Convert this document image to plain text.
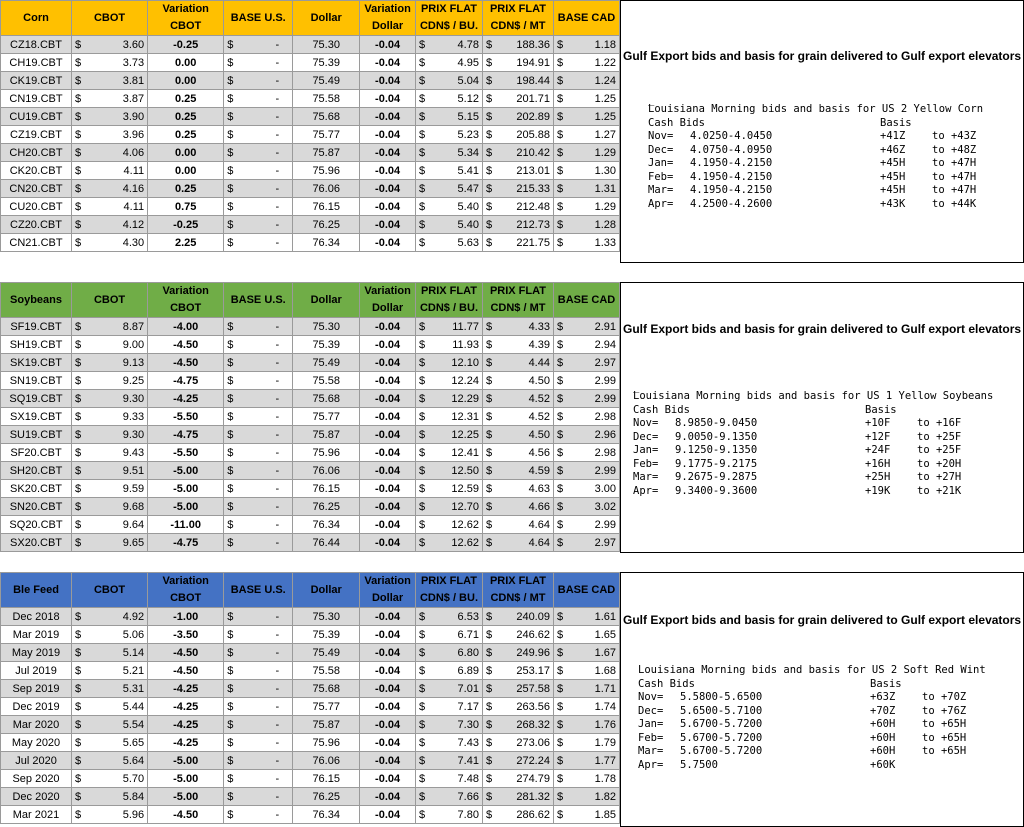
Corn	CBOT	Variation CBOT	BASE U.S.	Dollar	Variation Dollar	PRIX FLAT CDN$ / BU.	PRIX FLAT CDN$ / MT	BASE CAD
CZ18.CBT	$ 3.60	-0.25	$ -	75.30	-0.04	$ 4.78	$ 188.36	$ 1.18

CH19.CBT	$ 3.73	0.00	$ -	75.39	-0.04	$ 4.95	$ 194.91	$ 1.22

CK19.CBT	$ 3.81	0.00	$ -	75.49	-0.04	$ 5.04	$ 198.44	$ 1.24

CN19.CBT	$ 3.87	0.25	$ -	75.58	-0.04	$ 5.12	$ 201.71	$ 1.25

CU19.CBT	$ 3.90	0.25	$ -	75.68	-0.04	$ 5.15	$ 202.89	$ 1.25

CZ19.CBT	$ 3.96	0.25	$ -	75.77	-0.04	$ 5.23	$ 205.88	$ 1.27

CH20.CBT	$ 4.06	0.00	$ -	75.87	-0.04	$ 5.34	$ 210.42	$ 1.29

CK20.CBT	$ 4.11	0.00	$ -	75.96	-0.04	$ 5.41	$ 213.01	$ 1.30

CN20.CBT	$ 4.16	0.25	$ -	76.06	-0.04	$ 5.47	$ 215.33	$ 1.31

CU20.CBT	$ 4.11	0.75	$ -	76.15	-0.04	$ 5.40	$ 212.48	$ 1.29

CZ20.CBT	$ 4.12	-0.25	$ -	76.25	-0.04	$ 5.40	$ 212.73	$ 1.28

CN21.CBT	$ 4.30	2.25	$ -	76.34	-0.04	$ 5.63	$ 221.75	$ 1.33
Gulf Export bids and basis for grain delivered to Gulf export elevators
_
Louisiana Morning bids and basis for US 2 Yellow Corn
Cash Bids	Basis
Nov=	4.0250-4.0450	+41Z	to +43Z
Dec=	4.0750-4.0950	+46Z	to +48Z
Jan=	4.1950-4.2150	+45H	to +47H
Feb=	4.1950-4.2150	+45H	to +47H
Mar=	4.1950-4.2150	+45H	to +47H
Apr=	4.2500-4.2600	+43K	to +44K
Soybeans	CBOT	Variation CBOT	BASE U.S.	Dollar	Variation Dollar	PRIX FLAT CDN$ / BU.	PRIX FLAT CDN$ / MT	BASE CAD
SF19.CBT	$ 8.87	-4.00	$ -	75.30	-0.04	$ 11.77	$ 4.33	$ 2.91

SH19.CBT	$ 9.00	-4.50	$ -	75.39	-0.04	$ 11.93	$ 4.39	$ 2.94

SK19.CBT	$ 9.13	-4.50	$ -	75.49	-0.04	$ 12.10	$ 4.44	$ 2.97

SN19.CBT	$ 9.25	-4.75	$ -	75.58	-0.04	$ 12.24	$ 4.50	$ 2.99

SQ19.CBT	$ 9.30	-4.25	$ -	75.68	-0.04	$ 12.29	$ 4.52	$ 2.99

SX19.CBT	$ 9.33	-5.50	$ -	75.77	-0.04	$ 12.31	$ 4.52	$ 2.98

SU19.CBT	$ 9.30	-4.75	$ -	75.87	-0.04	$ 12.25	$ 4.50	$ 2.96

SF20.CBT	$ 9.43	-5.50	$ -	75.96	-0.04	$ 12.41	$ 4.56	$ 2.98

SH20.CBT	$ 9.51	-5.00	$ -	76.06	-0.04	$ 12.50	$ 4.59	$ 2.99

SK20.CBT	$ 9.59	-5.00	$ -	76.15	-0.04	$ 12.59	$ 4.63	$ 3.00

SN20.CBT	$ 9.68	-5.00	$ -	76.25	-0.04	$ 12.70	$ 4.66	$ 3.02

SQ20.CBT	$ 9.64	-11.00	$ -	76.34	-0.04	$ 12.62	$ 4.64	$ 2.99

SX20.CBT	$ 9.65	-4.75	$ -	76.44	-0.04	$ 12.62	$ 4.64	$ 2.97
Gulf Export bids and basis for grain delivered to Gulf export elevators
_
Louisiana Morning bids and basis for US 1 Yellow Soybeans
Cash Bids	Basis
Nov=	8.9850-9.0450	+10F	to +16F
Dec=	9.0050-9.1350	+12F	to +25F
Jan=	9.1250-9.1350	+24F	to +25F
Feb=	9.1775-9.2175	+16H	to +20H
Mar=	9.2675-9.2875	+25H	to +27H
Apr=	9.3400-9.3600	+19K	to +21K
Ble Feed	CBOT	Variation CBOT	BASE U.S.	Dollar	Variation Dollar	PRIX FLAT CDN$ / BU.	PRIX FLAT CDN$ / MT	BASE CAD
Dec 2018	$ 4.92	-1.00	$ -	75.30	-0.04	$ 6.53	$ 240.09	$ 1.61

Mar 2019	$ 5.06	-3.50	$ -	75.39	-0.04	$ 6.71	$ 246.62	$ 1.65

May 2019	$ 5.14	-4.50	$ -	75.49	-0.04	$ 6.80	$ 249.96	$ 1.67

Jul 2019	$ 5.21	-4.50	$ -	75.58	-0.04	$ 6.89	$ 253.17	$ 1.68

Sep 2019	$ 5.31	-4.25	$ -	75.68	-0.04	$ 7.01	$ 257.58	$ 1.71

Dec 2019	$ 5.44	-4.25	$ -	75.77	-0.04	$ 7.17	$ 263.56	$ 1.74

Mar 2020	$ 5.54	-4.25	$ -	75.87	-0.04	$ 7.30	$ 268.32	$ 1.76

May 2020	$ 5.65	-4.25	$ -	75.96	-0.04	$ 7.43	$ 273.06	$ 1.79

Jul 2020	$ 5.64	-5.00	$ -	76.06	-0.04	$ 7.41	$ 272.24	$ 1.77

Sep 2020	$ 5.70	-5.00	$ -	76.15	-0.04	$ 7.48	$ 274.79	$ 1.78

Dec 2020	$ 5.84	-5.00	$ -	76.25	-0.04	$ 7.66	$ 281.32	$ 1.82

Mar 2021	$ 5.96	-4.50	$ -	76.34	-0.04	$ 7.80	$ 286.62	$ 1.85
Gulf Export bids and basis for grain delivered to Gulf export elevators
Louisiana Morning bids and basis for US 2 Soft Red Wint
Cash Bids	Basis
Nov=	5.5800-5.6500	+63Z	to +70Z
Dec=	5.6500-5.7100	+70Z	to +76Z
Jan=	5.6700-5.7200	+60H	to +65H
Feb=	5.6700-5.7200	+60H	to +65H
Mar=	5.6700-5.7200	+60H	to +65H
Apr=	5.7500	+60K
